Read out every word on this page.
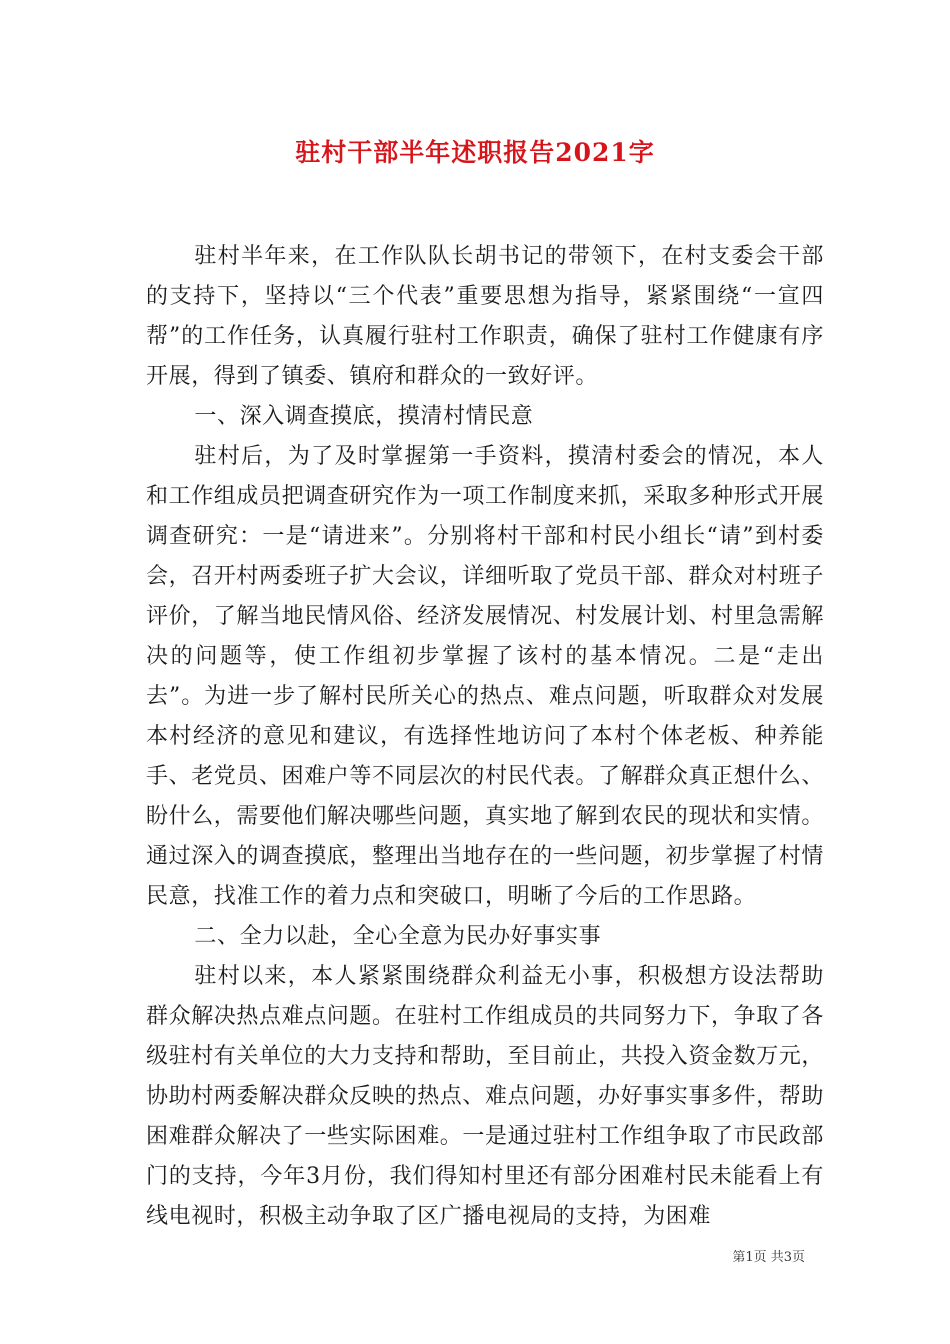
驻村干部半年述职报告2021字

驻村半年来，在工作队队长胡书记的带领下，在村支委会干部的支持下，坚持以“三个代表”重要思想为指导，紧紧围绕“一宣四帮”的工作任务，认真履行驻村工作职责，确保了驻村工作健康有序开展，得到了镇委、镇府和群众的一致好评。

一、深入调查摸底，摸清村情民意

驻村后，为了及时掌握第一手资料，摸清村委会的情况，本人和工作组成员把调查研究作为一项工作制度来抓，采取多种形式开展调查研究：一是“请进来”。分别将村干部和村民小组长“请”到村委会，召开村两委班子扩大会议，详细听取了党员干部、群众对村班子评价，了解当地民情风俗、经济发展情况、村发展计划、村里急需解决的问题等，使工作组初步掌握了该村的基本情况。二是“走出去”。为进一步了解村民所关心的热点、难点问题，听取群众对发展本村经济的意见和建议，有选择性地访问了本村个体老板、种养能手、老党员、困难户等不同层次的村民代表。了解群众真正想什么、盼什么，需要他们解决哪些问题，真实地了解到农民的现状和实情。通过深入的调查摸底，整理出当地存在的一些问题，初步掌握了村情民意，找准工作的着力点和突破口，明晰了今后的工作思路。

二、全力以赴，全心全意为民办好事实事

驻村以来，本人紧紧围绕群众利益无小事，积极想方设法帮助群众解决热点难点问题。在驻村工作组成员的共同努力下，争取了各级驻村有关单位的大力支持和帮助，至目前止，共投入资金数万元，协助村两委解决群众反映的热点、难点问题，办好事实事多件，帮助困难群众解决了一些实际困难。一是通过驻村工作组争取了市民政部门的支持，今年3月份，我们得知村里还有部分困难村民未能看上有线电视时，积极主动争取了区广播电视局的支持，为困难

第1页 共3页
